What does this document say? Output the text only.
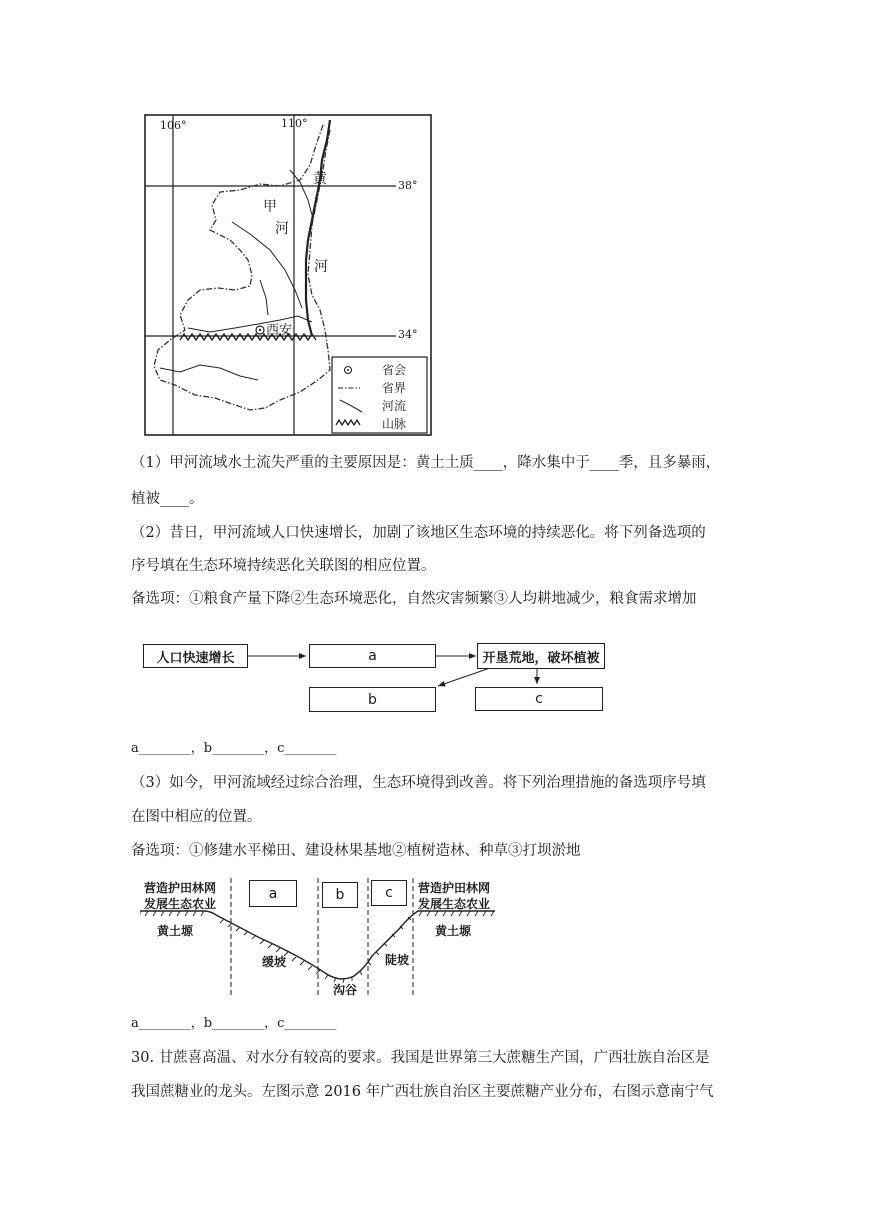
106°	110°
38°
34°
黄
河
甲
河
西安
省会
省界
河流
山脉
（1）甲河流域水土流失严重的主要原因是：黄土土质____，降水集中于____季，且多暴雨，
植被____。
（2）昔日，甲河流域人口快速增长，加剧了该地区生态环境的持续恶化。将下列备选项的
序号填在生态环境持续恶化关联图的相应位置。
备选项：①粮食产量下降②生态环境恶化，自然灾害频繁③人均耕地减少，粮食需求增加
人口快速增长	a	开垦荒地，破坏植被
c
b
a________，b________，c________
（3）如今，甲河流域经过综合治理，生态环境得到改善。将下列治理措施的备选项序号填
在图中相应的位置。
备选项：①修建水平梯田、建设林果基地②植树造林、种草③打坝淤地
营造护田林网
发展生态农业
营造护田林网
发展生态农业
a	b	c
黄土塬	黄土塬
缓坡	陡坡
沟谷
a________，b________，c________
30. 甘蔗喜高温、对水分有较高的要求。我国是世界第三大蔗糖生产国，广西壮族自治区是
我国蔗糖业的龙头。左图示意 2016 年广西壮族自治区主要蔗糖产业分布，右图示意南宁气
